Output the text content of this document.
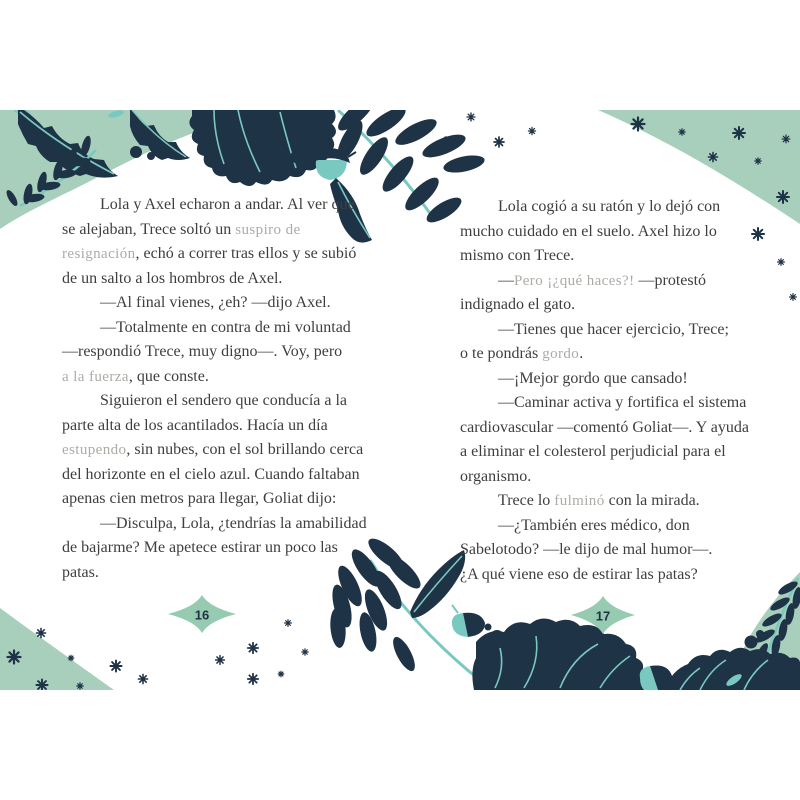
Lola y Axel echaron a andar. Al ver que
se alejaban, Trece soltó un suspiro de
resignación, echó a correr tras ellos y se subió
de un salto a los hombros de Axel.
—Al final vienes, ¿eh? —dijo Axel.
—Totalmente en contra de mi voluntad
—respondió Trece, muy digno—. Voy, pero
a la fuerza, que conste.
Siguieron el sendero que conducía a la
parte alta de los acantilados. Hacía un día
estupendo, sin nubes, con el sol brillando cerca
del horizonte en el cielo azul. Cuando faltaban
apenas cien metros para llegar, Goliat dijo:
—Disculpa, Lola, ¿tendrías la amabilidad
de bajarme? Me apetece estirar un poco las
patas.
Lola cogió a su ratón y lo dejó con
mucho cuidado en el suelo. Axel hizo lo
mismo con Trece.
—Pero ¡¿qué haces?! —protestó
indignado el gato.
—Tienes que hacer ejercicio, Trece;
o te pondrás gordo.
—¡Mejor gordo que cansado!
—Caminar activa y fortifica el sistema
cardiovascular —comentó Goliat—. Y ayuda
a eliminar el colesterol perjudicial para el
organismo.
Trece lo fulminó con la mirada.
—¿También eres médico, don
Sabelotodo? —le dijo de mal humor—.
¿A qué viene eso de estirar las patas?
16	17
